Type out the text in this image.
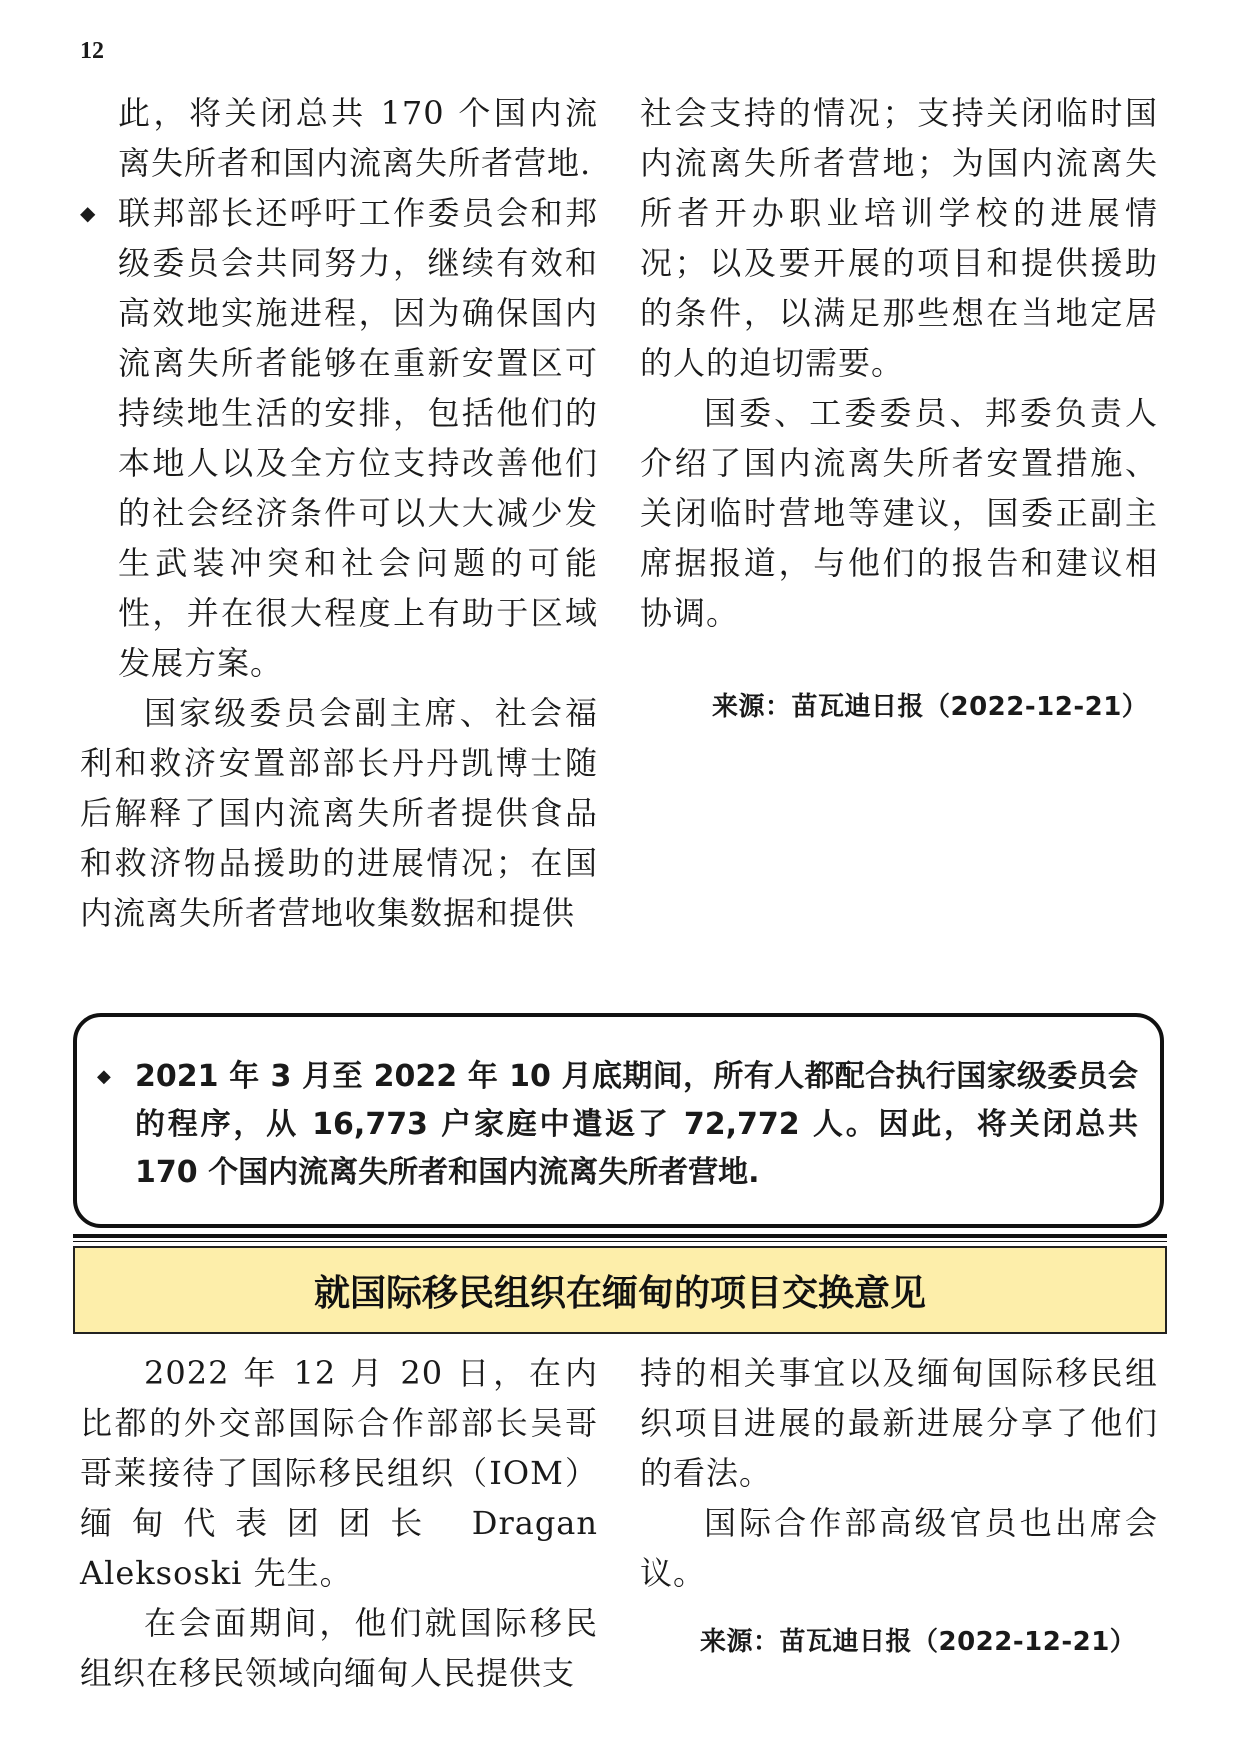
12

此，将关闭总共 170 个国内流离失所者和国内流离失所者营地.

◆ 联邦部长还呼吁工作委员会和邦级委员会共同努力，继续有效和高效地实施进程，因为确保国内流离失所者能够在重新安置区可持续地生活的安排，包括他们的本地人以及全方位支持改善他们的社会经济条件可以大大减少发生武装冲突和社会问题的可能性，并在很大程度上有助于区域发展方案。

国家级委员会副主席、社会福利和救济安置部部长丹丹凯博士随后解释了国内流离失所者提供食品和救济物品援助的进展情况；在国内流离失所者营地收集数据和提供

社会支持的情况；支持关闭临时国内流离失所者营地；为国内流离失所者开办职业培训学校的进展情况；以及要开展的项目和提供援助的条件，以满足那些想在当地定居的人的迫切需要。

国委、工委委员、邦委负责人介绍了国内流离失所者安置措施、关闭临时营地等建议，国委正副主席据报道，与他们的报告和建议相协调。

来源：苗瓦迪日报（2022-12-21）
◆ 2021 年 3 月至 2022 年 10 月底期间，所有人都配合执行国家级委员会的程序，从 16,773 户家庭中遣返了 72,772 人。因此，将关闭总共 170 个国内流离失所者和国内流离失所者营地.
就国际移民组织在缅甸的项目交换意见

2022 年 12 月 20 日，在内比都的外交部国际合作部部长吴哥哥莱接待了国际移民组织（IOM）缅甸代表团团长 Dragan Aleksoski 先生。

在会面期间，他们就国际移民组织在移民领域向缅甸人民提供支

持的相关事宜以及缅甸国际移民组织项目进展的最新进展分享了他们的看法。

国际合作部高级官员也出席会议。

来源：苗瓦迪日报（2022-12-21）
